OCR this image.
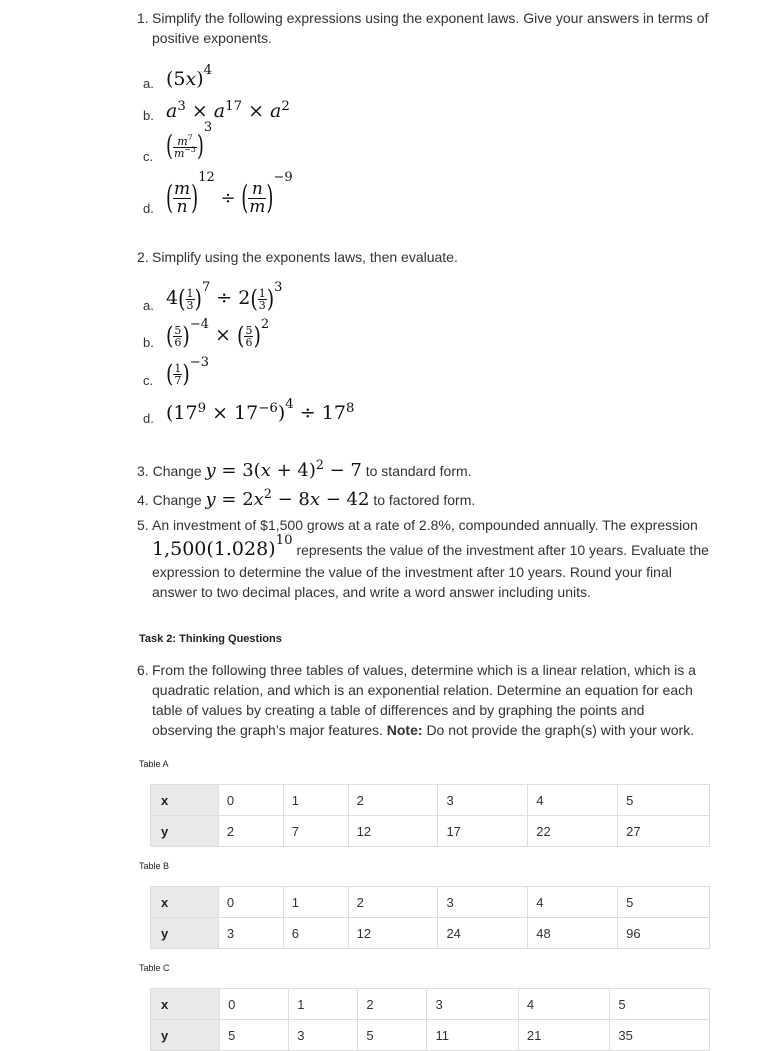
1. Simplify the following expressions using the exponent laws. Give your answers in terms of positive exponents.
a. $(5x)^4$
b. $a^3 \times a^{17} \times a^2$
c. ( $\frac{m^7}{m^{-3}} )^3$
d. ( $\frac{m}{n} )^{12}$ ÷ ( $\frac{n}{m} )^{-9}$
2. Simplify using the exponents laws, then evaluate.
a. $4( \frac{1}{3} )^7 \div 2( \frac{1}{3} )^3$
b. ( $\frac{5}{6} )^{-4}$ × ( $\frac{5}{6} )^2$
c. ( $\frac{1}{7} )^{-3}$
d. $(17^9 \times 17^{-6})^4 \div 17^8$
3. Change $y = 3(x + 4)^2 - 7$ to standard form.
4. Change $y = 2x^2 - 8x - 42$ to factored form.
5. An investment of $1,500 grows at a rate of 2.8%, compounded annually. The expression
$1,500(1.028)^{10}$ represents the value of the investment after 10 years. Evaluate the
expression to determine the value of the investment after 10 years. Round your final
answer to two decimal places, and write a word answer including units.
Task 2: Thinking Questions
6. From the following three tables of values, determine which is a linear relation, which is a
quadratic relation, and which is an exponential relation. Determine an equation for each
table of values by creating a table of differences and by graphing the points and
observing the graph’s major features. Note: Do not provide the graph(s) with your work.
Table A
x	0	1	2	3	4	5
y	2	7	12	17	22	27
Table B
x	0	1	2	3	4	5
y	3	6	12	24	48	96
Table C
x	0	1	2	3	4	5
y	5	3	5	11	21	35
